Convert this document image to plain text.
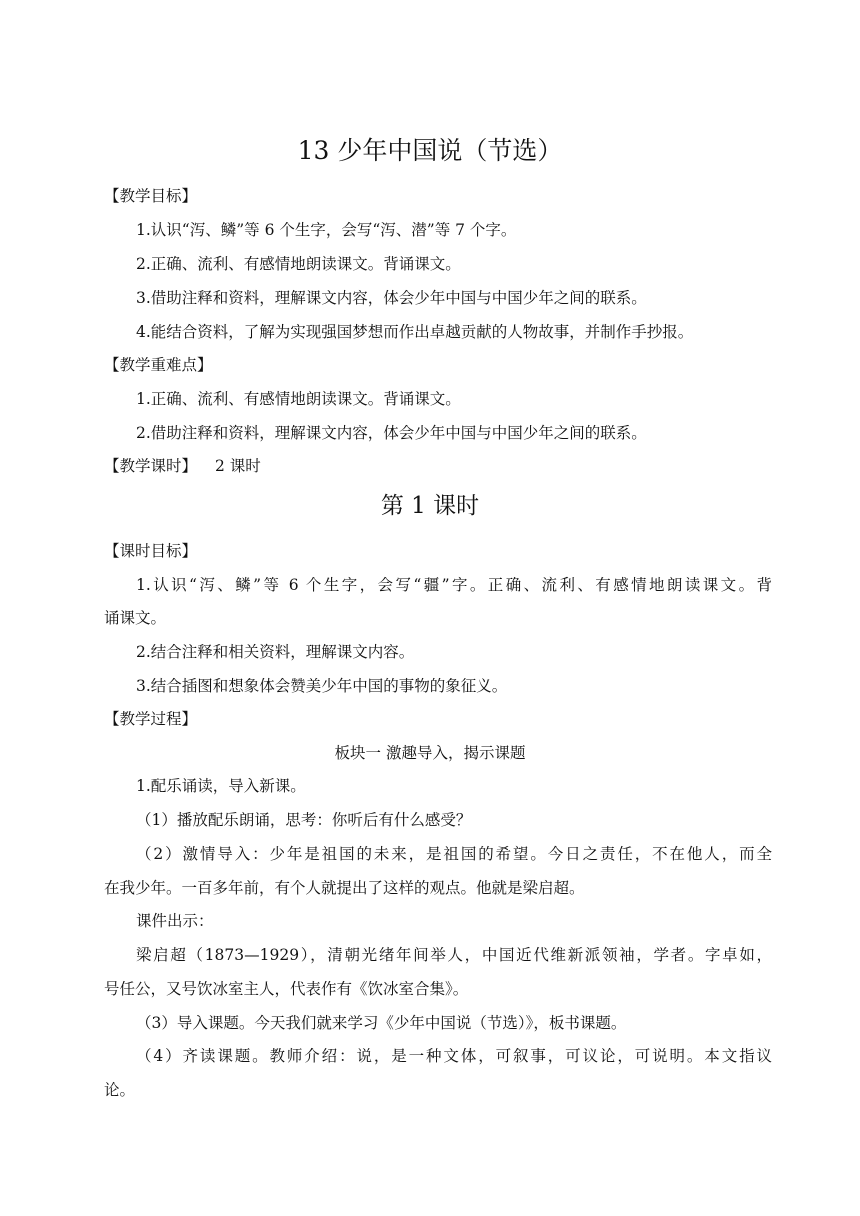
13 少年中国说（节选）
【教学目标】
1.认识“泻、鳞”等 6 个生字，会写“泻、潜”等 7 个字。
2.正确、流利、有感情地朗读课文。背诵课文。
3.借助注释和资料，理解课文内容，体会少年中国与中国少年之间的联系。
4.能结合资料，了解为实现强国梦想而作出卓越贡献的人物故事，并制作手抄报。
【教学重难点】
1.正确、流利、有感情地朗读课文。背诵课文。
2.借助注释和资料，理解课文内容，体会少年中国与中国少年之间的联系。
【教学课时】 2 课时
第 1 课时
【课时目标】
1.认识“泻、鳞”等 6 个生字，会写“疆”字。正确、流利、有感情地朗读课文。背
诵课文。
2.结合注释和相关资料，理解课文内容。
3.结合插图和想象体会赞美少年中国的事物的象征义。
【教学过程】
板块一 激趣导入，揭示课题
1.配乐诵读，导入新课。
（1）播放配乐朗诵，思考：你听后有什么感受？
（2）激情导入：少年是祖国的未来，是祖国的希望。今日之责任，不在他人，而全
在我少年。一百多年前，有个人就提出了这样的观点。他就是梁启超。
课件出示：
梁启超（1873—1929），清朝光绪年间举人，中国近代维新派领袖，学者。字卓如，
号任公，又号饮冰室主人，代表作有《饮冰室合集》。
（3）导入课题。今天我们就来学习《少年中国说（节选）》，板书课题。
（4）齐读课题。教师介绍：说，是一种文体，可叙事，可议论，可说明。本文指议
论。
